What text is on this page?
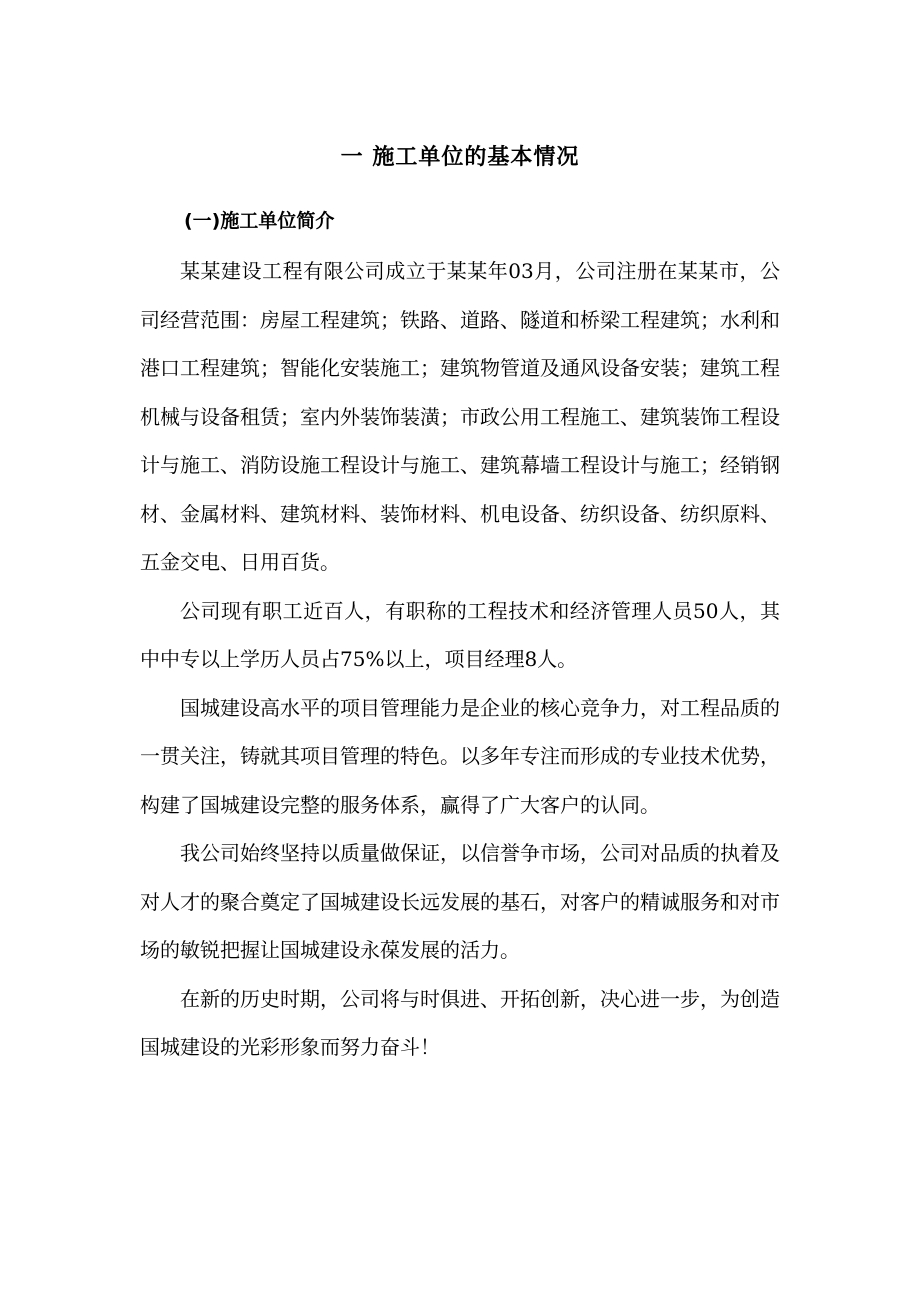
一 施工单位的基本情况
(一)施工单位简介

某某建设工程有限公司成立于某某年03月，公司注册在某某市，公司经营范围：房屋工程建筑；铁路、道路、隧道和桥梁工程建筑；水利和港口工程建筑；智能化安装施工；建筑物管道及通风设备安装；建筑工程机械与设备租赁；室内外装饰装潢；市政公用工程施工、建筑装饰工程设计与施工、消防设施工程设计与施工、建筑幕墙工程设计与施工；经销钢材、金属材料、建筑材料、装饰材料、机电设备、纺织设备、纺织原料、五金交电、日用百货。

公司现有职工近百人，有职称的工程技术和经济管理人员50人，其中中专以上学历人员占75%以上，项目经理8人。

国城建设高水平的项目管理能力是企业的核心竞争力，对工程品质的一贯关注，铸就其项目管理的特色。以多年专注而形成的专业技术优势，构建了国城建设完整的服务体系，赢得了广大客户的认同。

我公司始终坚持以质量做保证，以信誉争市场，公司对品质的执着及对人才的聚合奠定了国城建设长远发展的基石，对客户的精诚服务和对市场的敏锐把握让国城建设永葆发展的活力。

在新的历史时期，公司将与时俱进、开拓创新，决心进一步，为创造国城建设的光彩形象而努力奋斗！
